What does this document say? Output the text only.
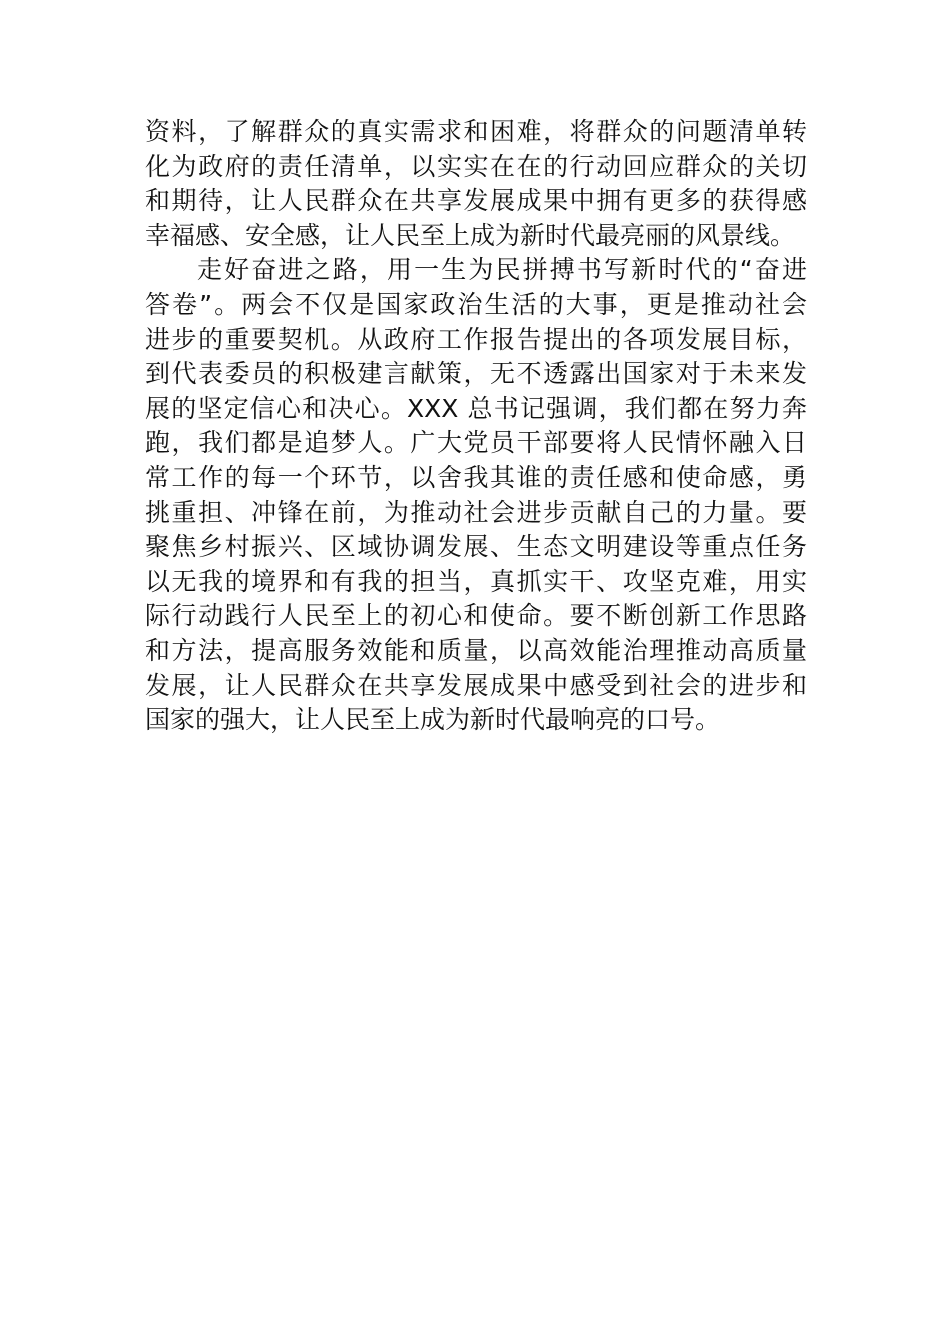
资料，了解群众的真实需求和困难，将群众的问题清单转
化为政府的责任清单，以实实在在的行动回应群众的关切
和期待，让人民群众在共享发展成果中拥有更多的获得感
幸福感、安全感，让人民至上成为新时代最亮丽的风景线。
走好奋进之路，用一生为民拼搏书写新时代的“奋进
答卷”。两会不仅是国家政治生活的大事，更是推动社会
进步的重要契机。从政府工作报告提出的各项发展目标，
到代表委员的积极建言献策，无不透露出国家对于未来发
展的坚定信心和决心。XXX 总书记强调，我们都在努力奔
跑，我们都是追梦人。广大党员干部要将人民情怀融入日
常工作的每一个环节，以舍我其谁的责任感和使命感，勇
挑重担、冲锋在前，为推动社会进步贡献自己的力量。要
聚焦乡村振兴、区域协调发展、生态文明建设等重点任务
以无我的境界和有我的担当，真抓实干、攻坚克难，用实
际行动践行人民至上的初心和使命。要不断创新工作思路
和方法，提高服务效能和质量，以高效能治理推动高质量
发展，让人民群众在共享发展成果中感受到社会的进步和
国家的强大，让人民至上成为新时代最响亮的口号。
